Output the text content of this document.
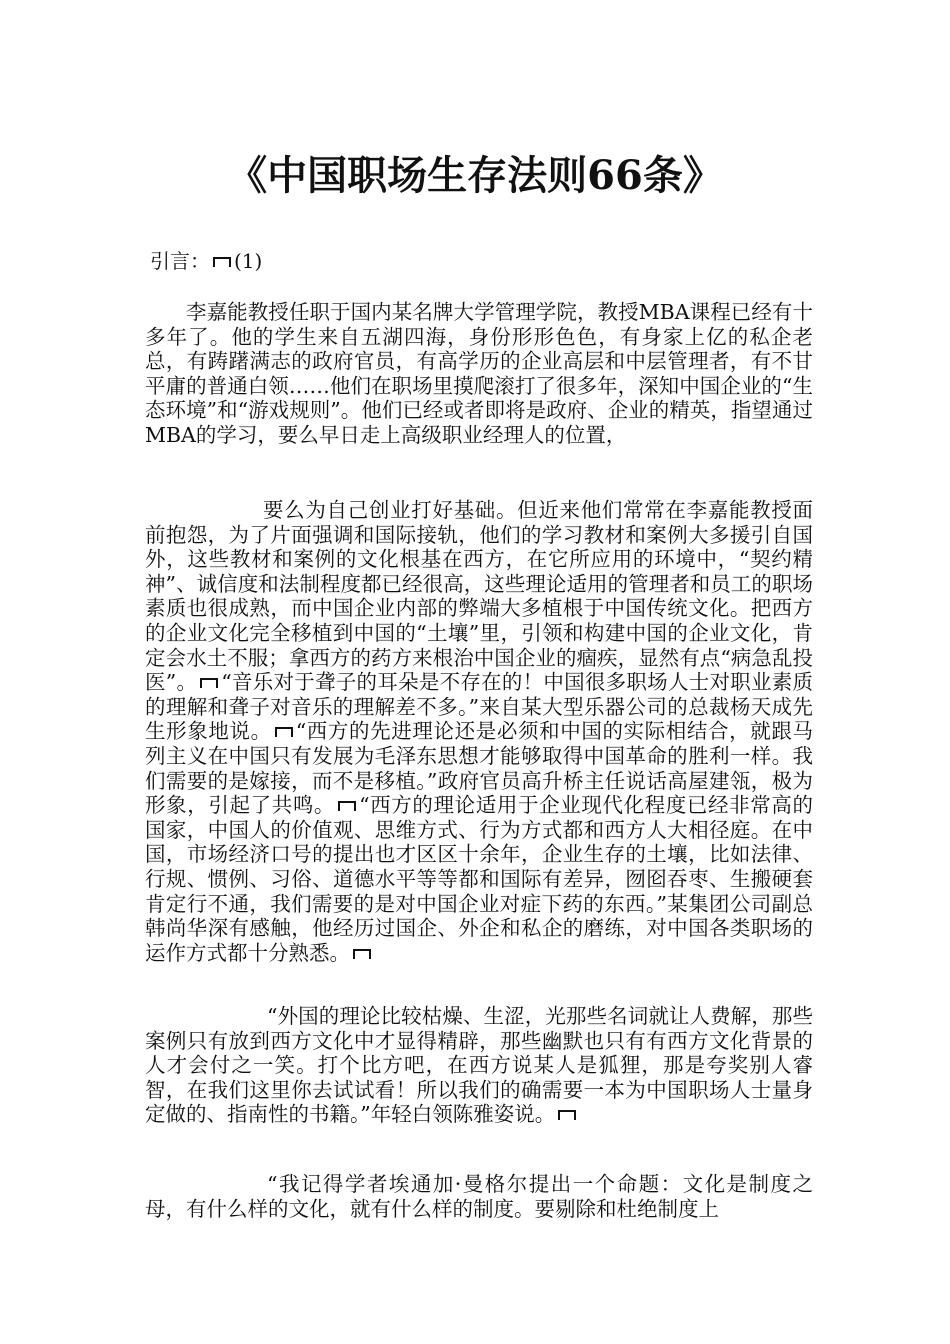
《中国职场生存法则66条》
引言： (1)

李嘉能教授任职于国内某名牌大学管理学院，教授MBA课程已经有十多年了。他的学生来自五湖四海，身份形形色色，有身家上亿的私企老总，有踌躇满志的政府官员，有高学历的企业高层和中层管理者，有不甘平庸的普通白领……他们在职场里摸爬滚打了很多年，深知中国企业的“生态环境”和“游戏规则”。他们已经或者即将是政府、企业的精英，指望通过MBA的学习，要么早日走上高级职业经理人的位置，

要么为自己创业打好基础。但近来他们常常在李嘉能教授面前抱怨，为了片面强调和国际接轨，他们的学习教材和案例大多援引自国外，这些教材和案例的文化根基在西方，在它所应用的环境中，“契约精神”、诚信度和法制程度都已经很高，这些理论适用的管理者和员工的职场素质也很成熟，而中国企业内部的弊端大多植根于中国传统文化。把西方的企业文化完全移植到中国的“土壤”里，引领和构建中国的企业文化，肯定会水土不服；拿西方的药方来根治中国企业的痼疾，显然有点“病急乱投医”。 “音乐对于聋子的耳朵是不存在的！中国很多职场人士对职业素质的理解和聋子对音乐的理解差不多。”来自某大型乐器公司的总裁杨天成先生形象地说。 “西方的先进理论还是必须和中国的实际相结合，就跟马列主义在中国只有发展为毛泽东思想才能够取得中国革命的胜利一样。我们需要的是嫁接，而不是移植。”政府官员高升桥主任说话高屋建瓴，极为形象，引起了共鸣。 “西方的理论适用于企业现代化程度已经非常高的国家，中国人的价值观、思维方式、行为方式都和西方人大相径庭。在中国，市场经济口号的提出也才区区十余年，企业生存的土壤，比如法律、行规、惯例、习俗、道德水平等等都和国际有差异，囫囵吞枣、生搬硬套肯定行不通，我们需要的是对中国企业对症下药的东西。”某集团公司副总韩尚华深有感触，他经历过国企、外企和私企的磨练，对中国各类职场的运作方式都十分熟悉。

“外国的理论比较枯燥、生涩，光那些名词就让人费解，那些案例只有放到西方文化中才显得精辟，那些幽默也只有有西方文化背景的人才会付之一笑。打个比方吧，在西方说某人是狐狸，那是夸奖别人睿智，在我们这里你去试试看！所以我们的确需要一本为中国职场人士量身定做的、指南性的书籍。”年轻白领陈雅姿说。

“我记得学者埃通加·曼格尔提出一个命题：文化是制度之母，有什么样的文化，就有什么样的制度。要剔除和杜绝制度上
